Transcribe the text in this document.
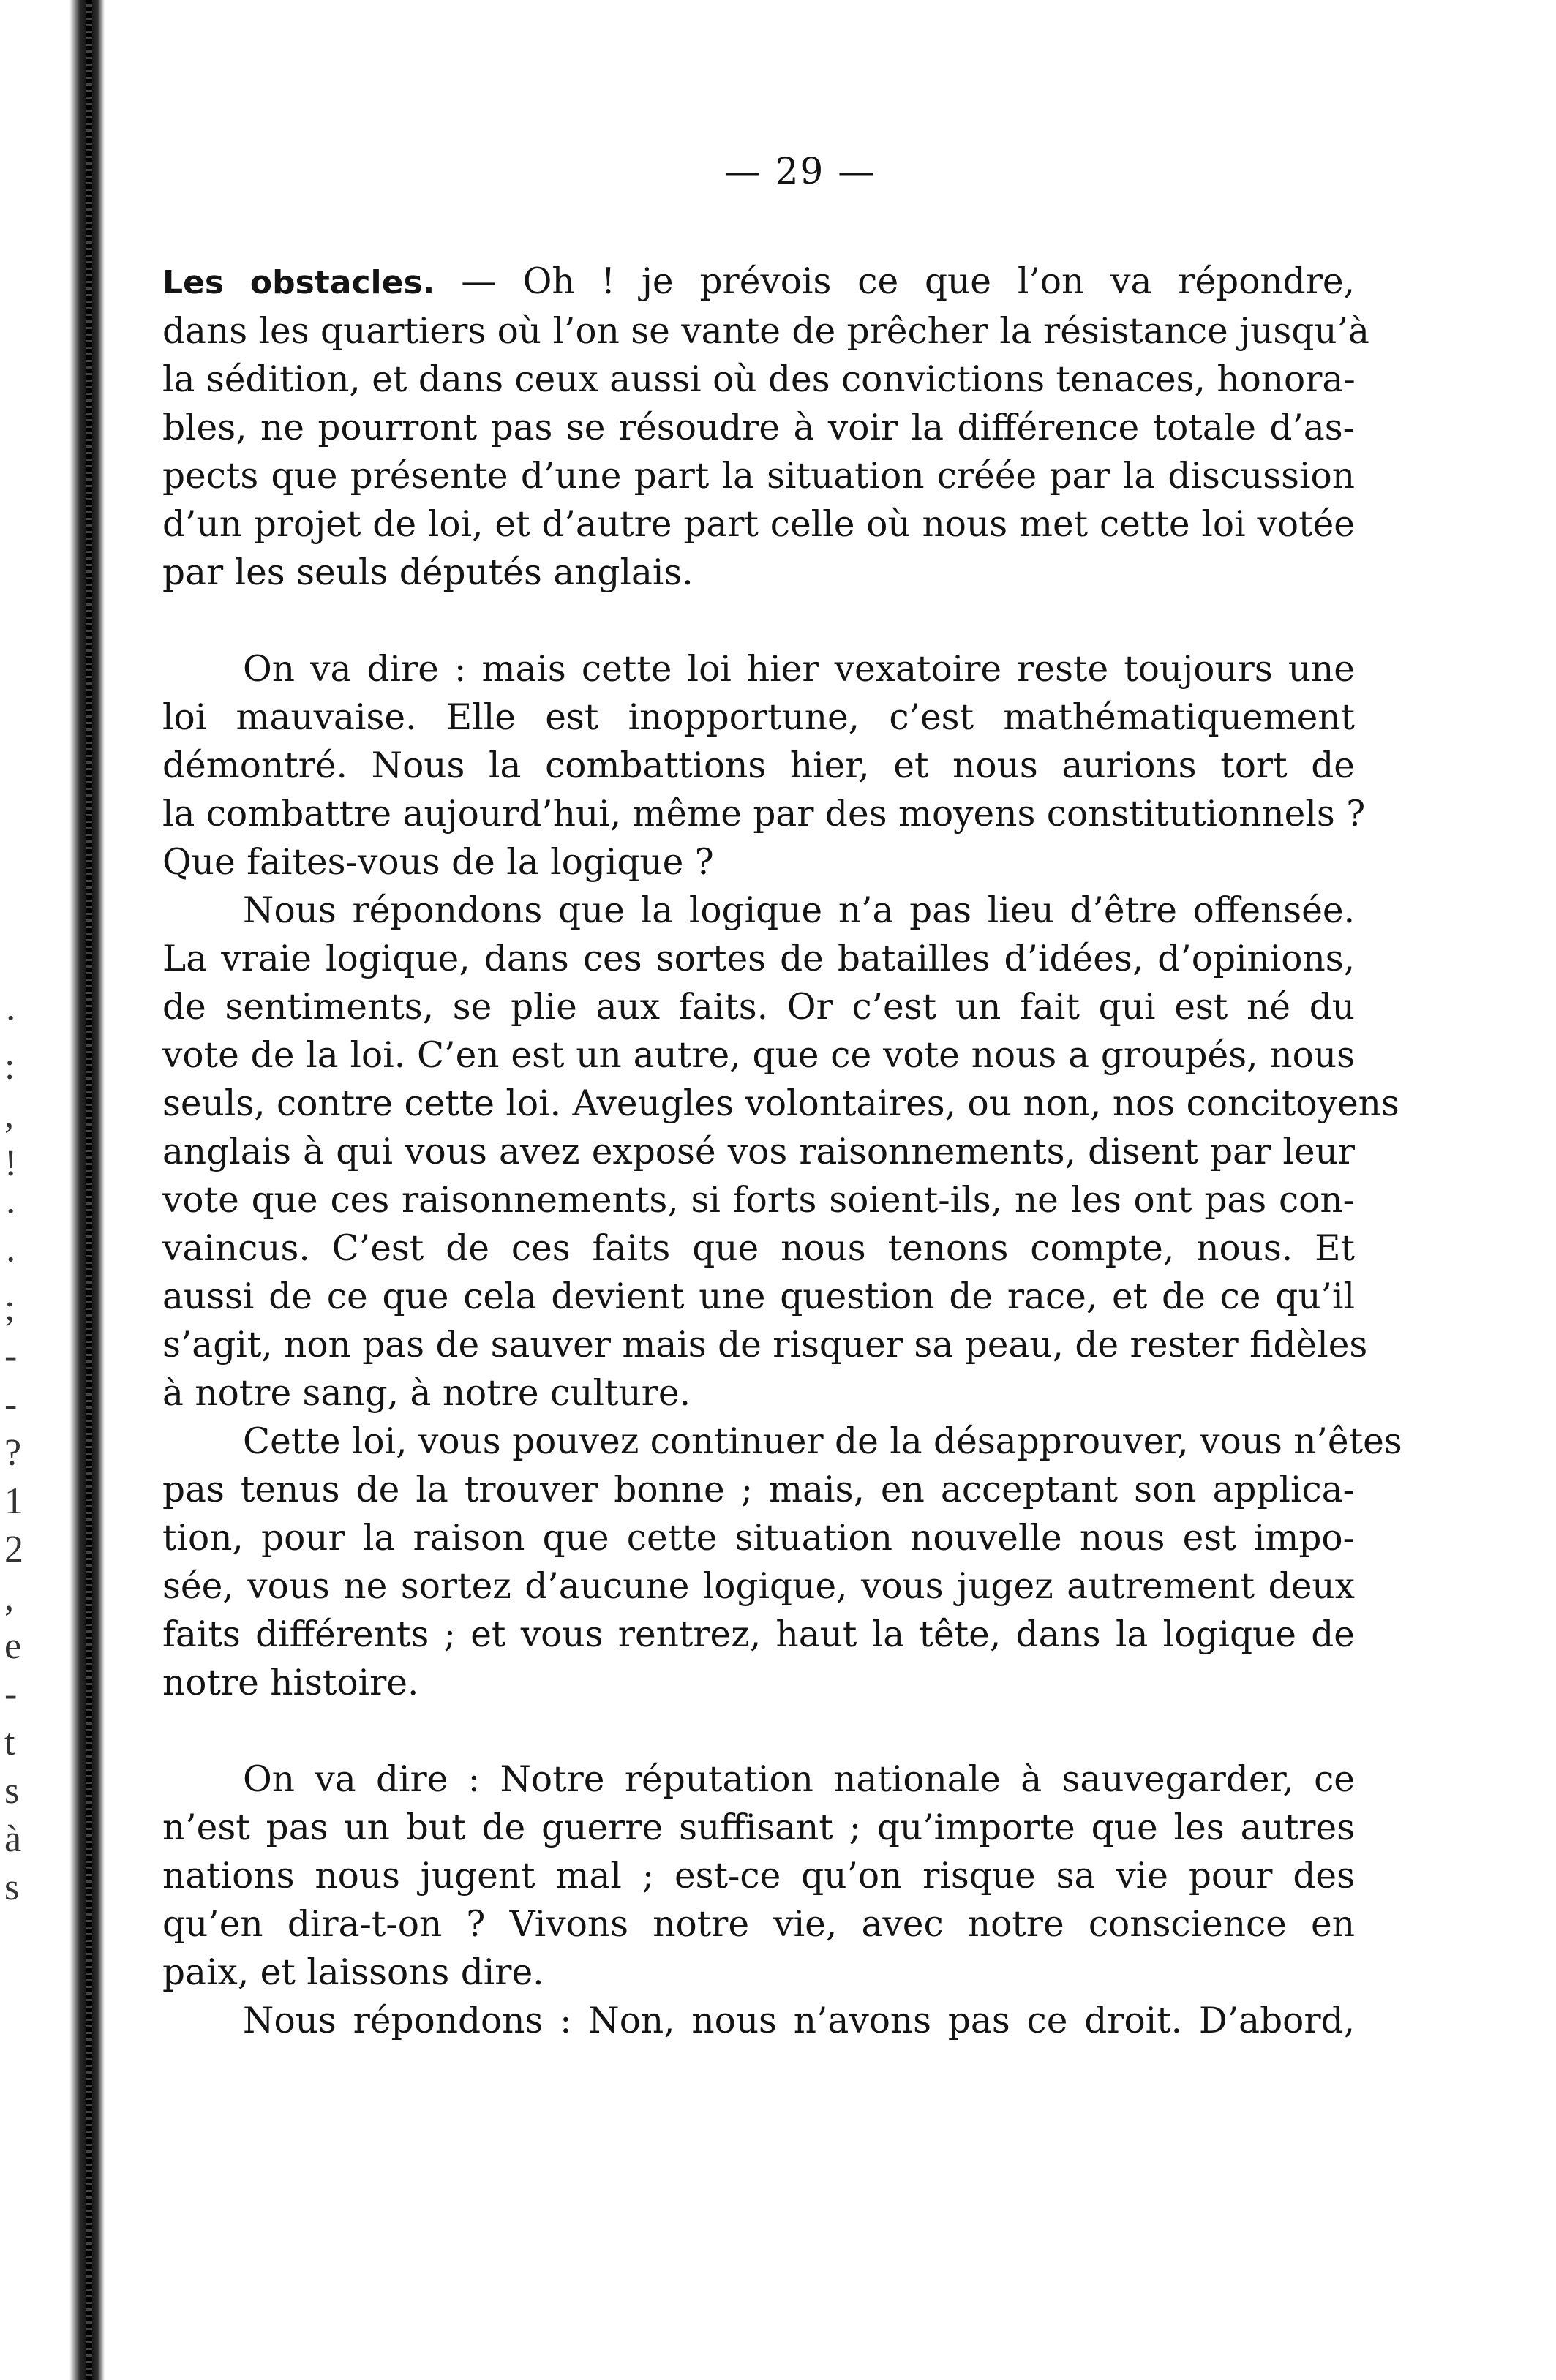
·
:
,
!
·
·
;
-
-
?
1
2
,
e
-
t
s
à
s
— 29 —

Les obstacles. — Oh ! je prévois ce que l’on va répondre,
dans les quartiers où l’on se vante de prêcher la résistance jusqu’à
la sédition, et dans ceux aussi où des convictions tenaces, honora-
bles, ne pourront pas se résoudre à voir la différence totale d’as-
pects que présente d’une part la situation créée par la discussion
d’un projet de loi, et d’autre part celle où nous met cette loi votée
par les seuls députés anglais.

On va dire : mais cette loi hier vexatoire reste toujours une
loi mauvaise. Elle est inopportune, c’est mathématiquement
démontré. Nous la combattions hier, et nous aurions tort de
la combattre aujourd’hui, même par des moyens constitutionnels ?
Que faites-vous de la logique ?

Nous répondons que la logique n’a pas lieu d’être offensée.
La vraie logique, dans ces sortes de batailles d’idées, d’opinions,
de sentiments, se plie aux faits. Or c’est un fait qui est né du
vote de la loi. C’en est un autre, que ce vote nous a groupés, nous
seuls, contre cette loi. Aveugles volontaires, ou non, nos concitoyens
anglais à qui vous avez exposé vos raisonnements, disent par leur
vote que ces raisonnements, si forts soient-ils, ne les ont pas con-
vaincus. C’est de ces faits que nous tenons compte, nous. Et
aussi de ce que cela devient une question de race, et de ce qu’il
s’agit, non pas de sauver mais de risquer sa peau, de rester fidèles
à notre sang, à notre culture.

Cette loi, vous pouvez continuer de la désapprouver, vous n’êtes
pas tenus de la trouver bonne ; mais, en acceptant son applica-
tion, pour la raison que cette situation nouvelle nous est impo-
sée, vous ne sortez d’aucune logique, vous jugez autrement deux
faits différents ; et vous rentrez, haut la tête, dans la logique de
notre histoire.

On va dire : Notre réputation nationale à sauvegarder, ce
n’est pas un but de guerre suffisant ; qu’importe que les autres
nations nous jugent mal ; est-ce qu’on risque sa vie pour des
qu’en dira-t-on ? Vivons notre vie, avec notre conscience en
paix, et laissons dire.

Nous répondons : Non, nous n’avons pas ce droit. D’abord,
